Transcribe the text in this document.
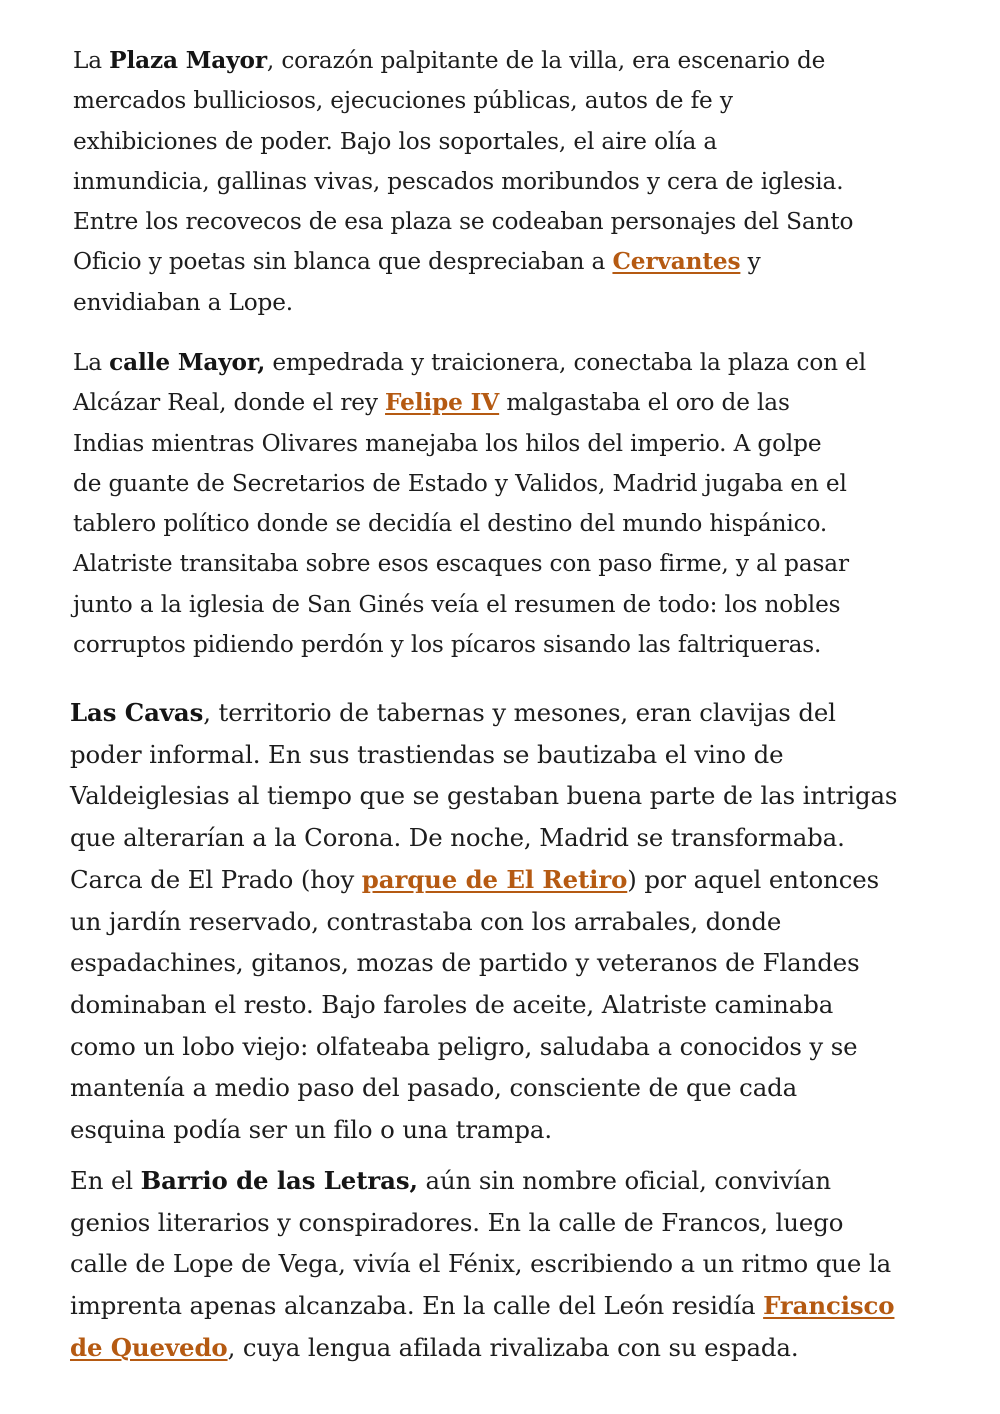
La Plaza Mayor, corazón palpitante de la villa, era escenario de
mercados bulliciosos, ejecuciones públicas, autos de fe y
exhibiciones de poder. Bajo los soportales, el aire olía a
inmundicia, gallinas vivas, pescados moribundos y cera de iglesia.
Entre los recovecos de esa plaza se codeaban personajes del Santo
Oficio y poetas sin blanca que despreciaban a Cervantes y
envidiaban a Lope.

La calle Mayor, empedrada y traicionera, conectaba la plaza con el
Alcázar Real, donde el rey Felipe IV malgastaba el oro de las
Indias mientras Olivares manejaba los hilos del imperio. A golpe
de guante de Secretarios de Estado y Validos, Madrid jugaba en el
tablero político donde se decidía el destino del mundo hispánico.
Alatriste transitaba sobre esos escaques con paso firme, y al pasar
junto a la iglesia de San Ginés veía el resumen de todo: los nobles
corruptos pidiendo perdón y los pícaros sisando las faltriqueras.

Las Cavas, territorio de tabernas y mesones, eran clavijas del
poder informal. En sus trastiendas se bautizaba el vino de
Valdeiglesias al tiempo que se gestaban buena parte de las intrigas
que alterarían a la Corona. De noche, Madrid se transformaba.
Carca de El Prado (hoy parque de El Retiro) por aquel entonces
un jardín reservado, contrastaba con los arrabales, donde
espadachines, gitanos, mozas de partido y veteranos de Flandes
dominaban el resto. Bajo faroles de aceite, Alatriste caminaba
como un lobo viejo: olfateaba peligro, saludaba a conocidos y se
mantenía a medio paso del pasado, consciente de que cada
esquina podía ser un filo o una trampa.

En el Barrio de las Letras, aún sin nombre oficial, convivían
genios literarios y conspiradores. En la calle de Francos, luego
calle de Lope de Vega, vivía el Fénix, escribiendo a un ritmo que la
imprenta apenas alcanzaba. En la calle del León residía Francisco
de Quevedo, cuya lengua afilada rivalizaba con su espada.
